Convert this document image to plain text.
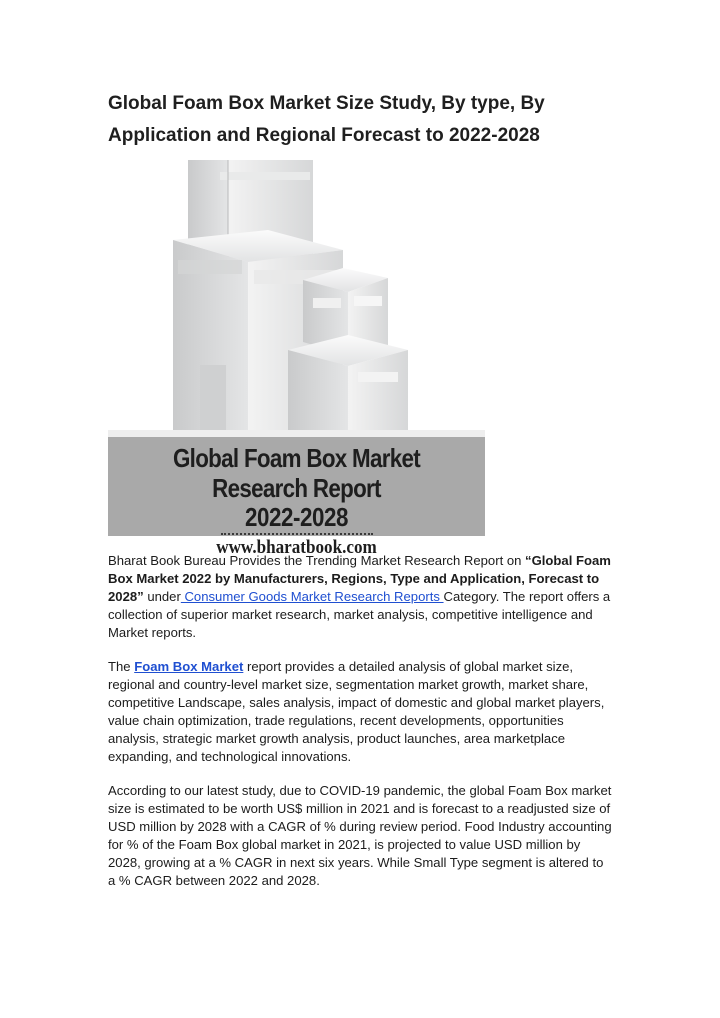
Global Foam Box Market Size Study, By type, By Application and Regional Forecast to 2022-2028
Global Foam Box Market Research Report
2022-2028
www.bharatbook.com

Bharat Book Bureau Provides the Trending Market Research Report on “Global Foam Box Market 2022 by Manufacturers, Regions, Type and Application, Forecast to 2028” under Consumer Goods Market Research Reports Category. The report offers a collection of superior market research, market analysis, competitive intelligence and Market reports.

The Foam Box Market report provides a detailed analysis of global market size, regional and country-level market size, segmentation market growth, market share, competitive Landscape, sales analysis, impact of domestic and global market players, value chain optimization, trade regulations, recent developments, opportunities analysis, strategic market growth analysis, product launches, area marketplace expanding, and technological innovations.

According to our latest study, due to COVID-19 pandemic, the global Foam Box market size is estimated to be worth US$ million in 2021 and is forecast to a readjusted size of USD million by 2028 with a CAGR of % during review period. Food Industry accounting for % of the Foam Box global market in 2021, is projected to value USD million by 2028, growing at a % CAGR in next six years. While Small Type segment is altered to a % CAGR between 2022 and 2028.
